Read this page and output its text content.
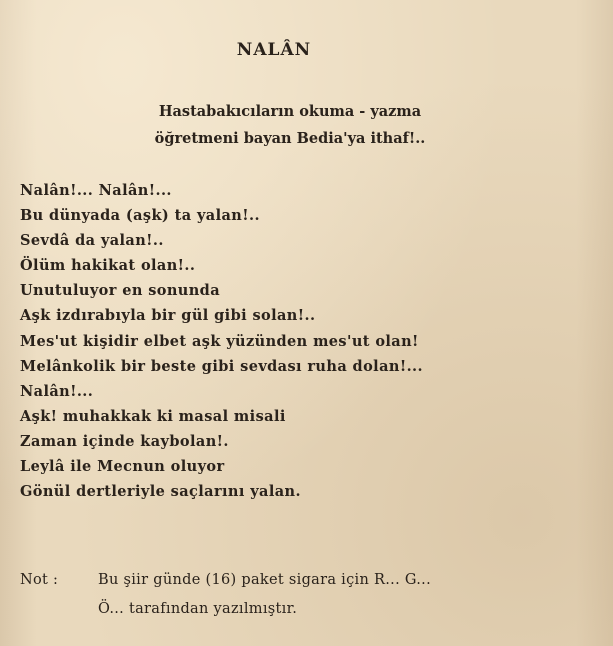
NALÂN
Hastabakıcıların okuma - yazma
öğretmeni bayan Bedia'ya ithaf!..
Nalân!... Nalân!...
Bu dünyada (aşk) ta yalan!..
Sevdâ da yalan!..
Ölüm hakikat olan!..
Unutuluyor en sonunda
Aşk izdırabıyla bir gül gibi solan!..
Mes'ut kişidir elbet aşk yüzünden mes'ut olan!
Melânkolik bir beste gibi sevdası ruha dolan!...
Nalân!...
Aşk! muhakkak ki masal misali
Zaman içinde kaybolan!.
Leylâ ile Mecnun oluyor
Gönül dertleriyle saçlarını yalan.
Not :	Bu şiir günde (16) paket sigara için R... G...
Ö... tarafından yazılmıştır.
